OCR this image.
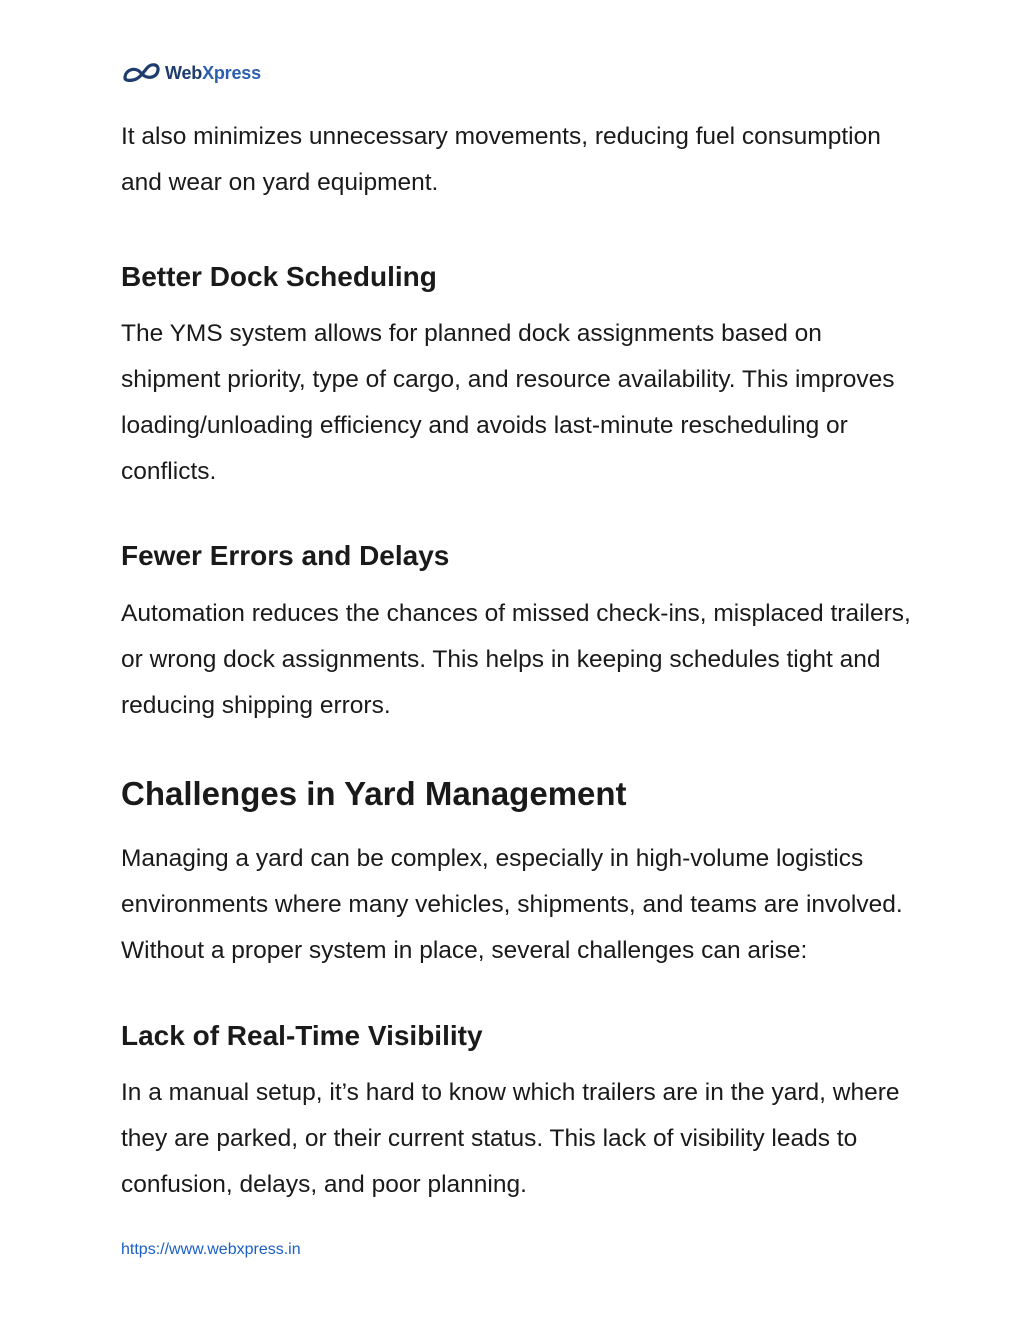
WebXpress

It also minimizes unnecessary movements, reducing fuel consumption and wear on yard equipment.

Better Dock Scheduling

The YMS system allows for planned dock assignments based on shipment priority, type of cargo, and resource availability. This improves loading/unloading efficiency and avoids last-minute rescheduling or conflicts.

Fewer Errors and Delays

Automation reduces the chances of missed check-ins, misplaced trailers, or wrong dock assignments. This helps in keeping schedules tight and reducing shipping errors.

Challenges in Yard Management

Managing a yard can be complex, especially in high-volume logistics environments where many vehicles, shipments, and teams are involved. Without a proper system in place, several challenges can arise:

Lack of Real-Time Visibility

In a manual setup, it’s hard to know which trailers are in the yard, where they are parked, or their current status. This lack of visibility leads to confusion, delays, and poor planning.

https://www.webxpress.in
